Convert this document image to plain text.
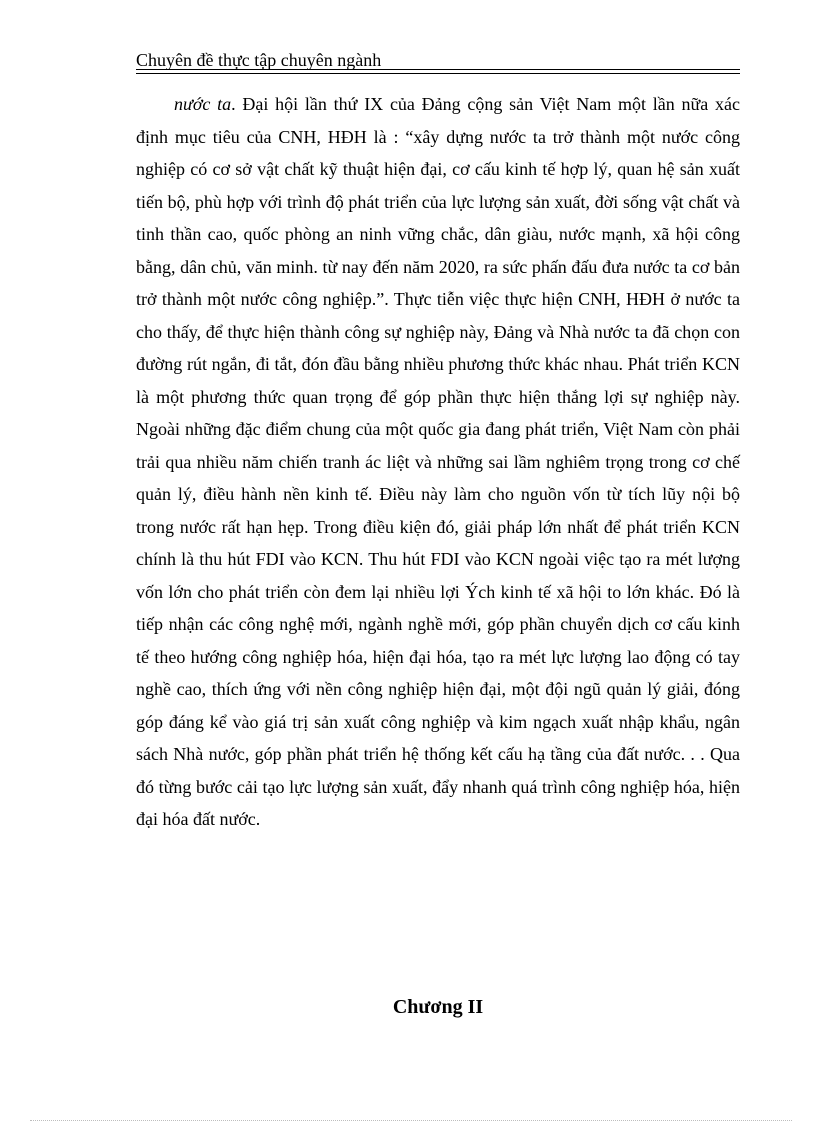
Chuyên đề thực tập chuyên ngành

nước ta. Đại hội lần thứ IX của Đảng cộng sản Việt Nam một lần nữa xác định mục tiêu của CNH, HĐH là : “xây dựng nước ta trở thành một nước công nghiệp có cơ sở vật chất kỹ thuật hiện đại, cơ cấu kinh tế hợp lý, quan hệ sản xuất tiến bộ, phù hợp với trình độ phát triển của lực lượng sản xuất, đời sống vật chất và tinh thần cao, quốc phòng an ninh vững chắc, dân giàu, nước mạnh, xã hội công bằng, dân chủ, văn minh. từ nay đến năm 2020, ra sức phấn đấu đưa nước ta cơ bản trở thành một nước công nghiệp.”. Thực tiễn việc thực hiện CNH, HĐH ở nước ta cho thấy, để thực hiện thành công sự nghiệp này, Đảng và Nhà nước ta đã chọn con đường rút ngắn, đi tắt, đón đầu bằng nhiều phương thức khác nhau. Phát triển KCN là một phương thức quan trọng để góp phần thực hiện thắng lợi sự nghiệp này. Ngoài những đặc điểm chung của một quốc gia đang phát triển, Việt Nam còn phải trải qua nhiều năm chiến tranh ác liệt và những sai lầm nghiêm trọng trong cơ chế quản lý, điều hành nền kinh tế. Điều này làm cho nguồn vốn từ tích lũy nội bộ trong nước rất hạn hẹp. Trong điều kiện đó, giải pháp lớn nhất để phát triển KCN chính là thu hút FDI vào KCN. Thu hút FDI vào KCN ngoài việc tạo ra mét lượng vốn lớn cho phát triển còn đem lại nhiều lợi Ých kinh tế xã hội to lớn khác. Đó là tiếp nhận các công nghệ mới, ngành nghề mới, góp phần chuyển dịch cơ cấu kinh tế theo hướng công nghiệp hóa, hiện đại hóa, tạo ra mét lực lượng lao động có tay nghề cao, thích ứng với nền công nghiệp hiện đại, một đội ngũ quản lý giải, đóng góp đáng kể vào giá trị sản xuất công nghiệp và kim ngạch xuất nhập khẩu, ngân sách Nhà nước, góp phần phát triển hệ thống kết cấu hạ tầng của đất nước. . . Qua đó từng bước cải tạo lực lượng sản xuất, đẩy nhanh quá trình công nghiệp hóa, hiện đại hóa đất nước.

Chương II
